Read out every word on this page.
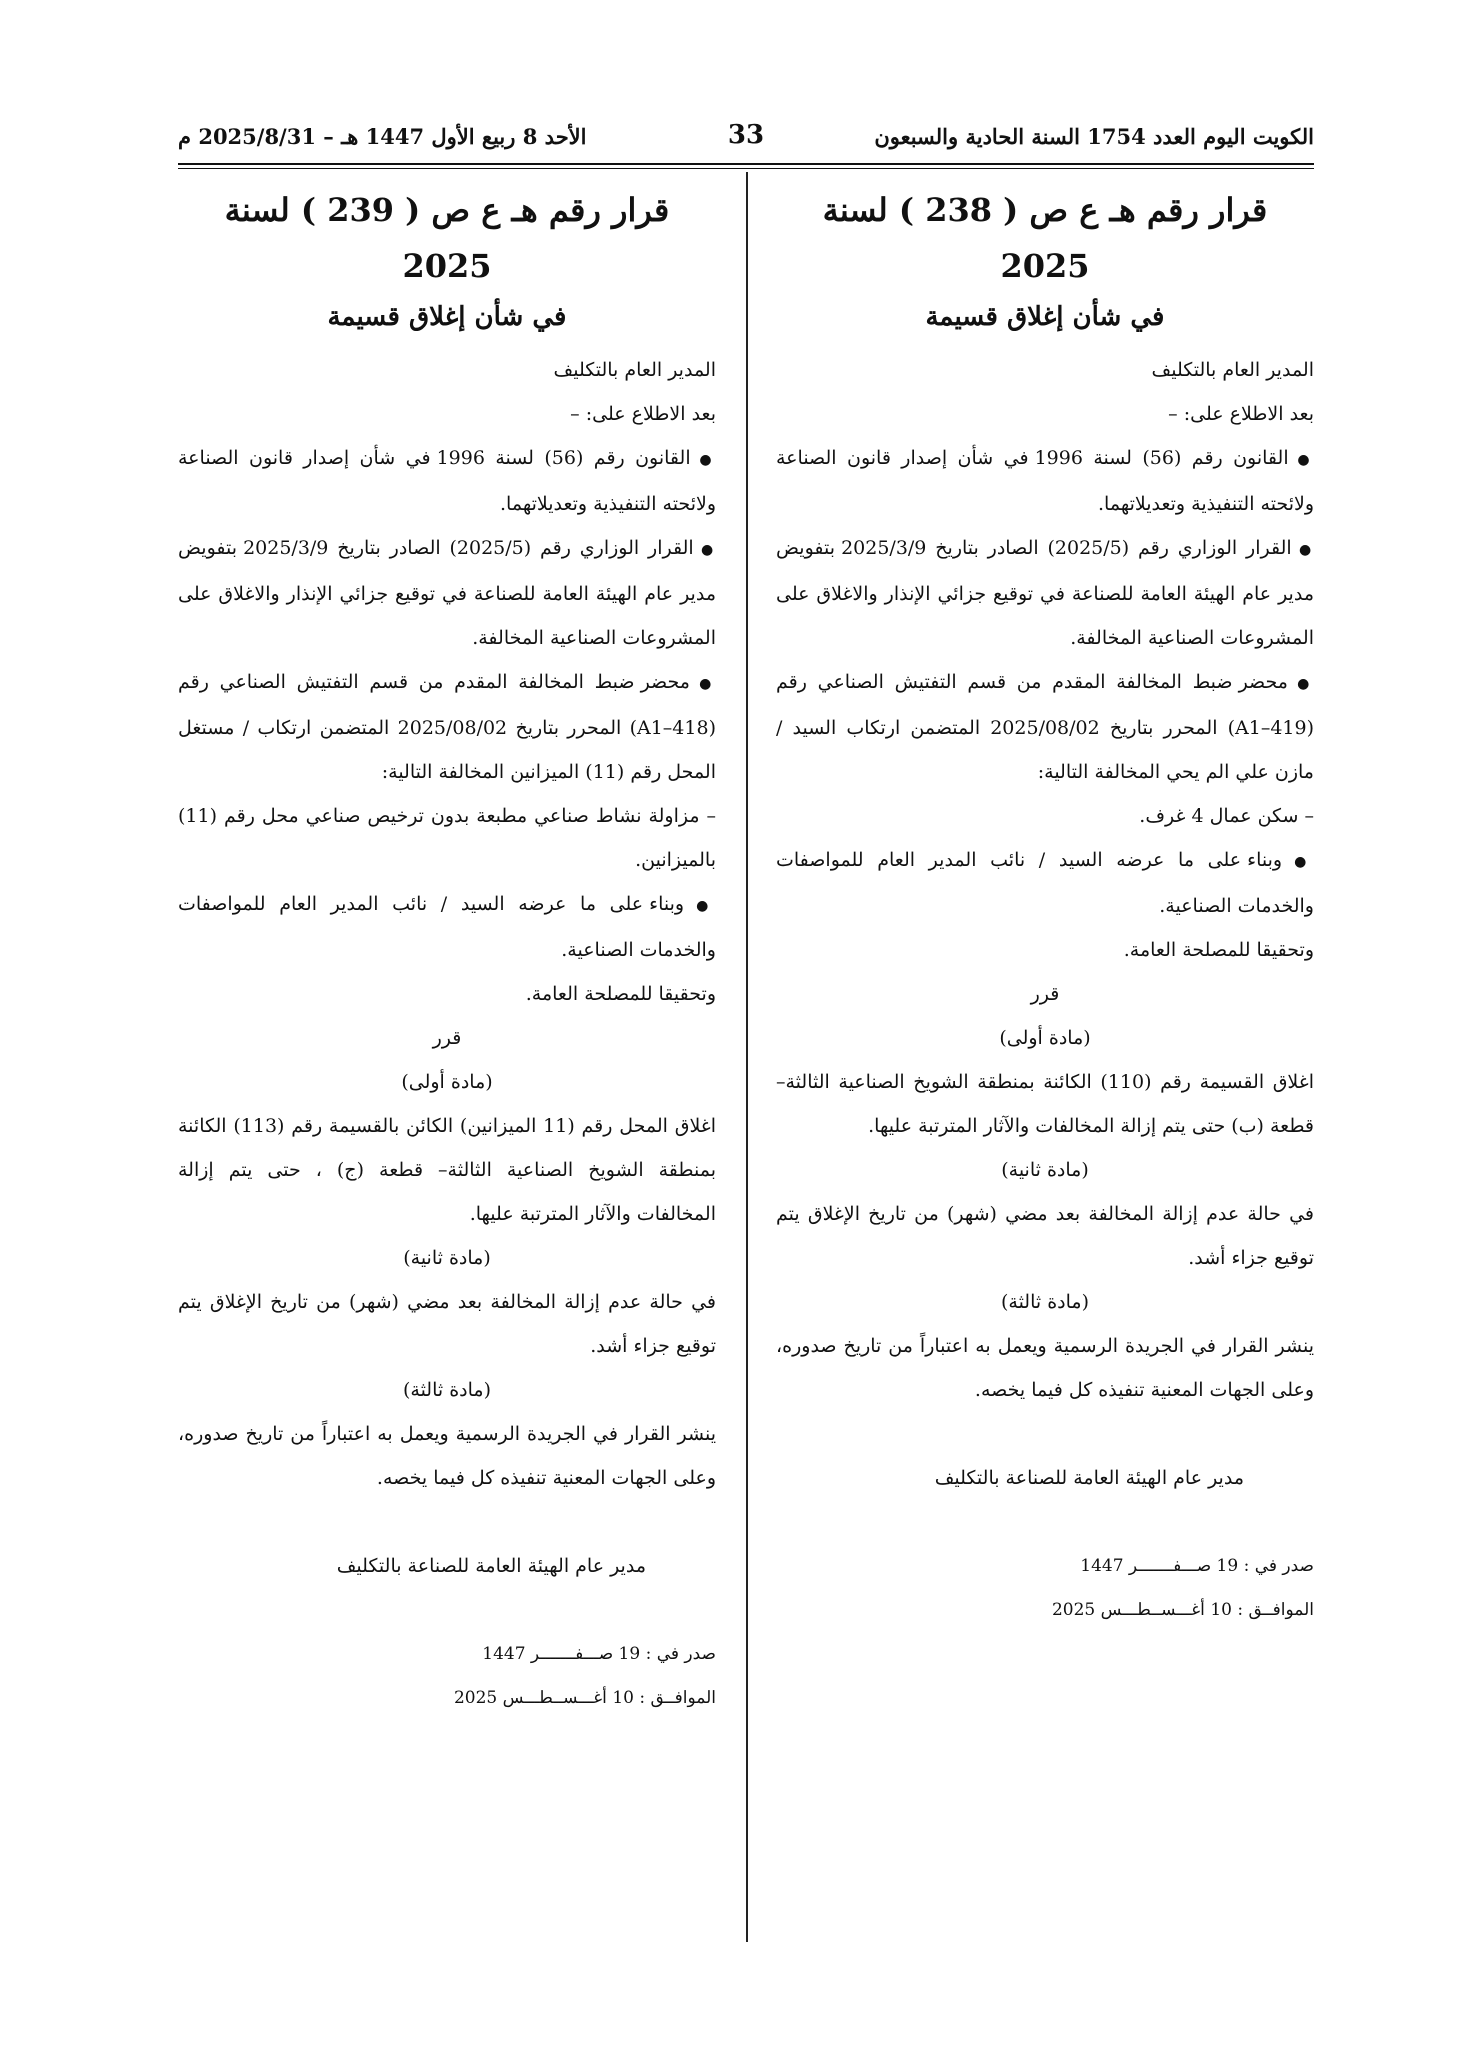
الكويت اليوم العدد 1754 السنة الحادية والسبعون
33
الأحد 8 ربيع الأول 1447 هـ – 2025/8/31 م
قرار رقم هـ ع ص ( 238 ) لسنة 2025
في شأن إغلاق قسيمة

المدير العام بالتكليف

بعد الاطلاع على: –

● القانون رقم (56) لسنة 1996 في شأن إصدار قانون الصناعة ولائحته التنفيذية وتعديلاتهما.

● القرار الوزاري رقم (2025/5) الصادر بتاريخ 2025/3/9 بتفويض مدير عام الهيئة العامة للصناعة في توقيع جزائي الإنذار والاغلاق على المشروعات الصناعية المخالفة.

● محضر ضبط المخالفة المقدم من قسم التفتيش الصناعي رقم (A1–419) المحرر بتاريخ 2025/08/02 المتضمن ارتكاب السيد / مازن علي الم يحي المخالفة التالية:

– سكن عمال 4 غرف.

● وبناء على ما عرضه السيد / نائب المدير العام للمواصفات والخدمات الصناعية.

وتحقيقا للمصلحة العامة.

قرر

(مادة أولى)

اغلاق القسيمة رقم (110) الكائنة بمنطقة الشويخ الصناعية الثالثة– قطعة (ب) حتى يتم إزالة المخالفات والآثار المترتبة عليها.

(مادة ثانية)

في حالة عدم إزالة المخالفة بعد مضي (شهر) من تاريخ الإغلاق يتم توقيع جزاء أشد.

(مادة ثالثة)

ينشر القرار في الجريدة الرسمية ويعمل به اعتباراً من تاريخ صدوره، وعلى الجهات المعنية تنفيذه كل فيما يخصه.

مدير عام الهيئة العامة للصناعة بالتكليف

صدر في : 19 صـــفـــــــر 1447

الموافــق : 10 أغـــســطـــس 2025

قرار رقم هـ ع ص ( 239 ) لسنة 2025
في شأن إغلاق قسيمة

المدير العام بالتكليف

بعد الاطلاع على: –

● القانون رقم (56) لسنة 1996 في شأن إصدار قانون الصناعة ولائحته التنفيذية وتعديلاتهما.

● القرار الوزاري رقم (2025/5) الصادر بتاريخ 2025/3/9 بتفويض مدير عام الهيئة العامة للصناعة في توقيع جزائي الإنذار والاغلاق على المشروعات الصناعية المخالفة.

● محضر ضبط المخالفة المقدم من قسم التفتيش الصناعي رقم (A1–418) المحرر بتاريخ 2025/08/02 المتضمن ارتكاب / مستغل المحل رقم (11) الميزانين المخالفة التالية:

– مزاولة نشاط صناعي مطبعة بدون ترخيص صناعي محل رقم (11) بالميزانين.

● وبناء على ما عرضه السيد / نائب المدير العام للمواصفات والخدمات الصناعية.

وتحقيقا للمصلحة العامة.

قرر

(مادة أولى)

اغلاق المحل رقم (11 الميزانين) الكائن بالقسيمة رقم (113) الكائنة بمنطقة الشويخ الصناعية الثالثة– قطعة (ج) ، حتى يتم إزالة المخالفات والآثار المترتبة عليها.

(مادة ثانية)

في حالة عدم إزالة المخالفة بعد مضي (شهر) من تاريخ الإغلاق يتم توقيع جزاء أشد.

(مادة ثالثة)

ينشر القرار في الجريدة الرسمية ويعمل به اعتباراً من تاريخ صدوره، وعلى الجهات المعنية تنفيذه كل فيما يخصه.

مدير عام الهيئة العامة للصناعة بالتكليف

صدر في : 19 صـــفـــــــر 1447

الموافــق : 10 أغـــســطـــس 2025
